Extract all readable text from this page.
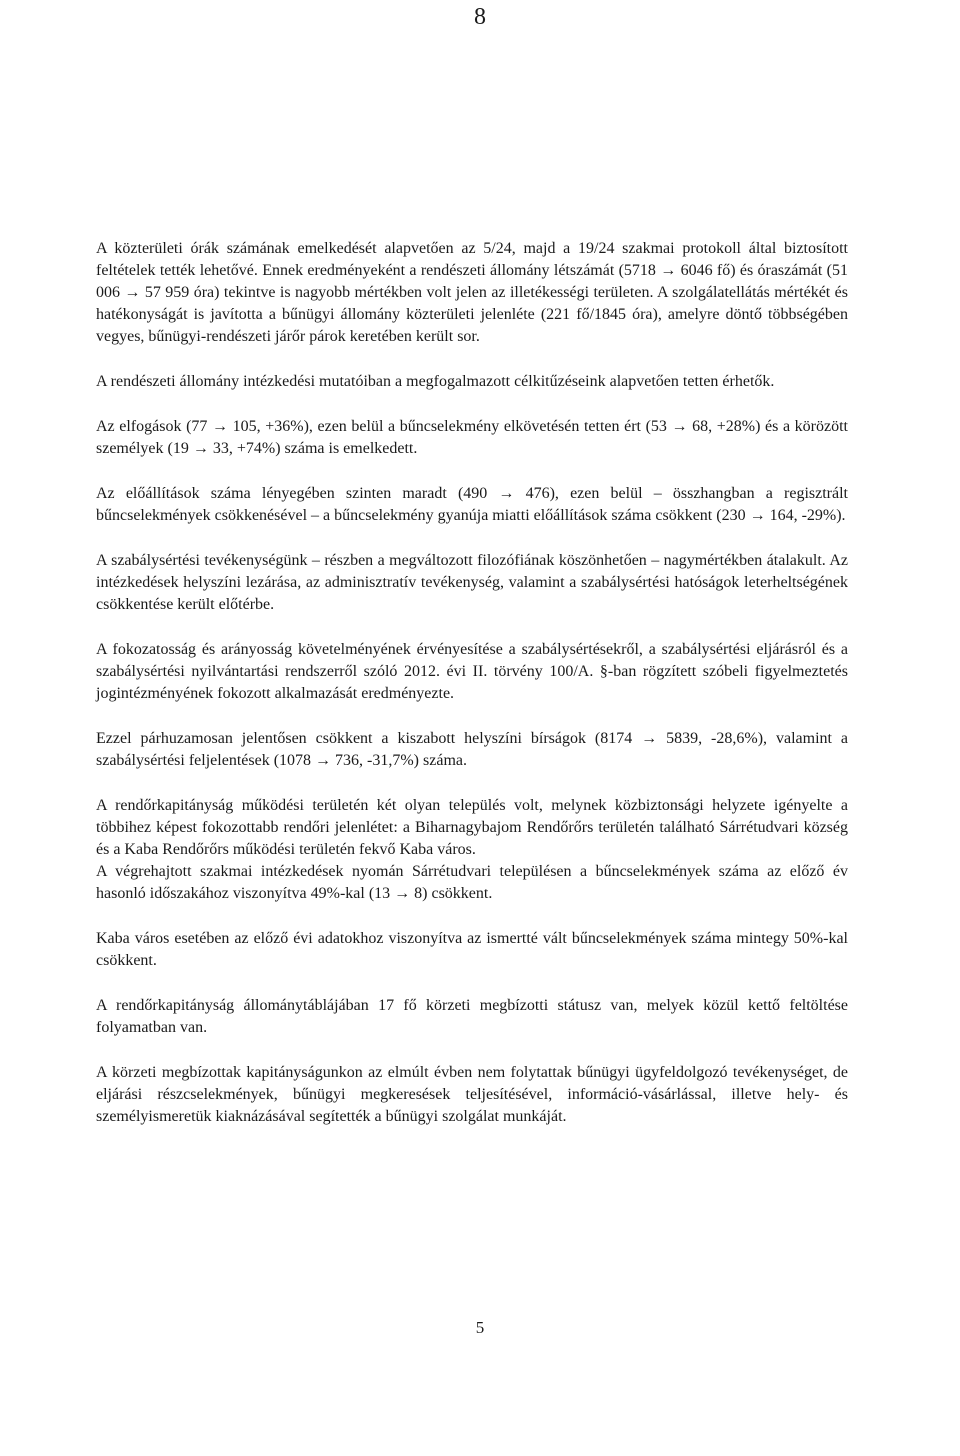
8

A közterületi órák számának emelkedését alapvetően az 5/24, majd a 19/24 szakmai protokoll által biztosított feltételek tették lehetővé. Ennek eredményeként a rendészeti állomány létszámát (5718 → 6046 fő) és óraszámát (51 006 → 57 959 óra) tekintve is nagyobb mértékben volt jelen az illetékességi területen. A szolgálatellátás mértékét és hatékonyságát is javította a bűnügyi állomány közterületi jelenléte (221 fő/1845 óra), amelyre döntő többségében vegyes, bűnügyi-rendészeti járőr párok keretében került sor.

A rendészeti állomány intézkedési mutatóiban a megfogalmazott célkitűzéseink alapvetően tetten érhetők.

Az elfogások (77 → 105, +36%), ezen belül a bűncselekmény elkövetésén tetten ért (53 → 68, +28%) és a körözött személyek (19 → 33, +74%) száma is emelkedett.

Az előállítások száma lényegében szinten maradt (490 → 476), ezen belül – összhangban a regisztrált bűncselekmények csökkenésével – a bűncselekmény gyanúja miatti előállítások száma csökkent (230 → 164, -29%).

A szabálysértési tevékenységünk – részben a megváltozott filozófiának köszönhetően – nagymértékben átalakult. Az intézkedések helyszíni lezárása, az adminisztratív tevékenység, valamint a szabálysértési hatóságok leterheltségének csökkentése került előtérbe.

A fokozatosság és arányosság követelményének érvényesítése a szabálysértésekről, a szabálysértési eljárásról és a szabálysértési nyilvántartási rendszerről szóló 2012. évi II. törvény 100/A. §-ban rögzített szóbeli figyelmeztetés jogintézményének fokozott alkalmazását eredményezte.

Ezzel párhuzamosan jelentősen csökkent a kiszabott helyszíni bírságok (8174 → 5839, -28,6%), valamint a szabálysértési feljelentések (1078 → 736, -31,7%) száma.

A rendőrkapitányság működési területén két olyan település volt, melynek közbiztonsági helyzete igényelte a többihez képest fokozottabb rendőri jelenlétet: a Biharnagybajom Rendőrőrs területén található Sárrétudvari község és a Kaba Rendőrőrs működési területén fekvő Kaba város.

A végrehajtott szakmai intézkedések nyomán Sárrétudvari településen a bűncselekmények száma az előző év hasonló időszakához viszonyítva 49%-kal (13 → 8) csökkent.

Kaba város esetében az előző évi adatokhoz viszonyítva az ismertté vált bűncselekmények száma mintegy 50%-kal csökkent.

A rendőrkapitányság állománytáblájában 17 fő körzeti megbízotti státusz van, melyek közül kettő feltöltése folyamatban van.

A körzeti megbízottak kapitányságunkon az elmúlt évben nem folytattak bűnügyi ügyfeldolgozó tevékenységet, de eljárási részcselekmények, bűnügyi megkeresések teljesítésével, információ-vásárlással, illetve hely- és személyismeretük kiaknázásával segítették a bűnügyi szolgálat munkáját.

5
